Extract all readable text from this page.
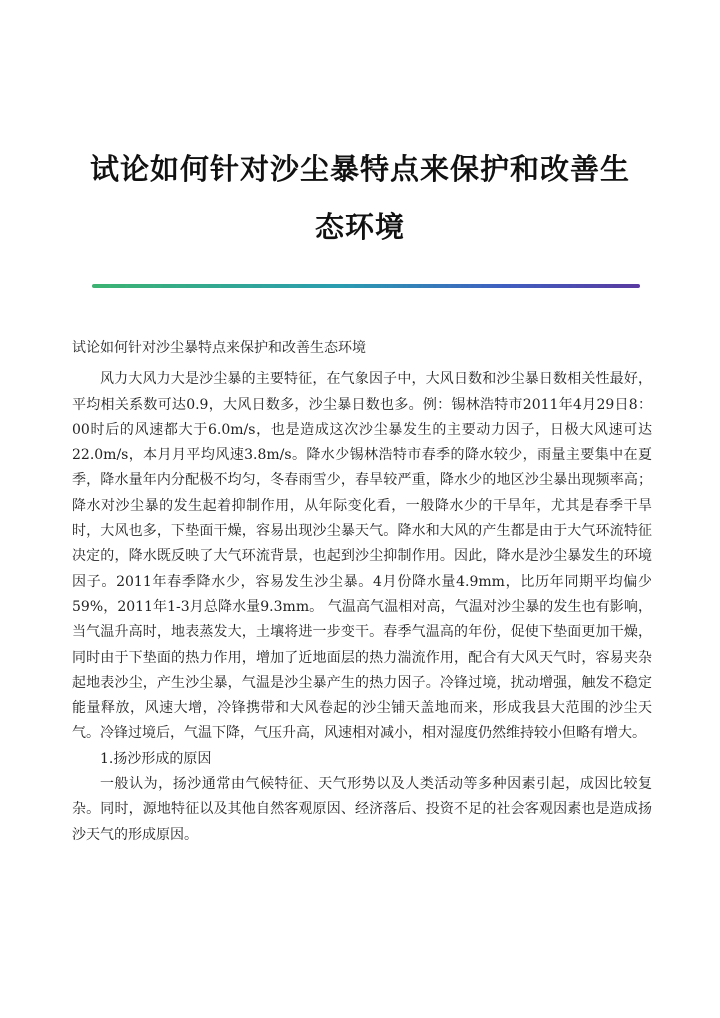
试论如何针对沙尘暴特点来保护和改善生态环境

试论如何针对沙尘暴特点来保护和改善生态环境

风力大风力大是沙尘暴的主要特征，在气象因子中，大风日数和沙尘暴日数相关性最好，平均相关系数可达0.9，大风日数多，沙尘暴日数也多。例：锡林浩特市2011年4月29日8：00时后的风速都大于6.0m/s，也是造成这次沙尘暴发生的主要动力因子，日极大风速可达22.0m/s，本月月平均风速3.8m/s。降水少锡林浩特市春季的降水较少，雨量主要集中在夏季，降水量年内分配极不均匀，冬春雨雪少，春旱较严重，降水少的地区沙尘暴出现频率高；降水对沙尘暴的发生起着抑制作用，从年际变化看，一般降水少的干旱年，尤其是春季干旱时，大风也多，下垫面干燥，容易出现沙尘暴天气。降水和大风的产生都是由于大气环流特征决定的，降水既反映了大气环流背景，也起到沙尘抑制作用。因此，降水是沙尘暴发生的环境因子。2011年春季降水少，容易发生沙尘暴。4月份降水量4.9mm，比历年同期平均偏少59%，2011年1-3月总降水量9.3mm。 气温高气温相对高，气温对沙尘暴的发生也有影响，当气温升高时，地表蒸发大，土壤将进一步变干。春季气温高的年份，促使下垫面更加干燥，同时由于下垫面的热力作用，增加了近地面层的热力湍流作用，配合有大风天气时，容易夹杂起地表沙尘，产生沙尘暴，气温是沙尘暴产生的热力因子。冷锋过境，扰动增强，触发不稳定能量释放，风速大增，冷锋携带和大风卷起的沙尘铺天盖地而来，形成我县大范围的沙尘天气。冷锋过境后，气温下降，气压升高，风速相对减小，相对湿度仍然维持较小但略有增大。

1.扬沙形成的原因

一般认为，扬沙通常由气候特征、天气形势以及人类活动等多种因素引起，成因比较复杂。同时，源地特征以及其他自然客观原因、经济落后、投资不足的社会客观因素也是造成扬沙天气的形成原因。
